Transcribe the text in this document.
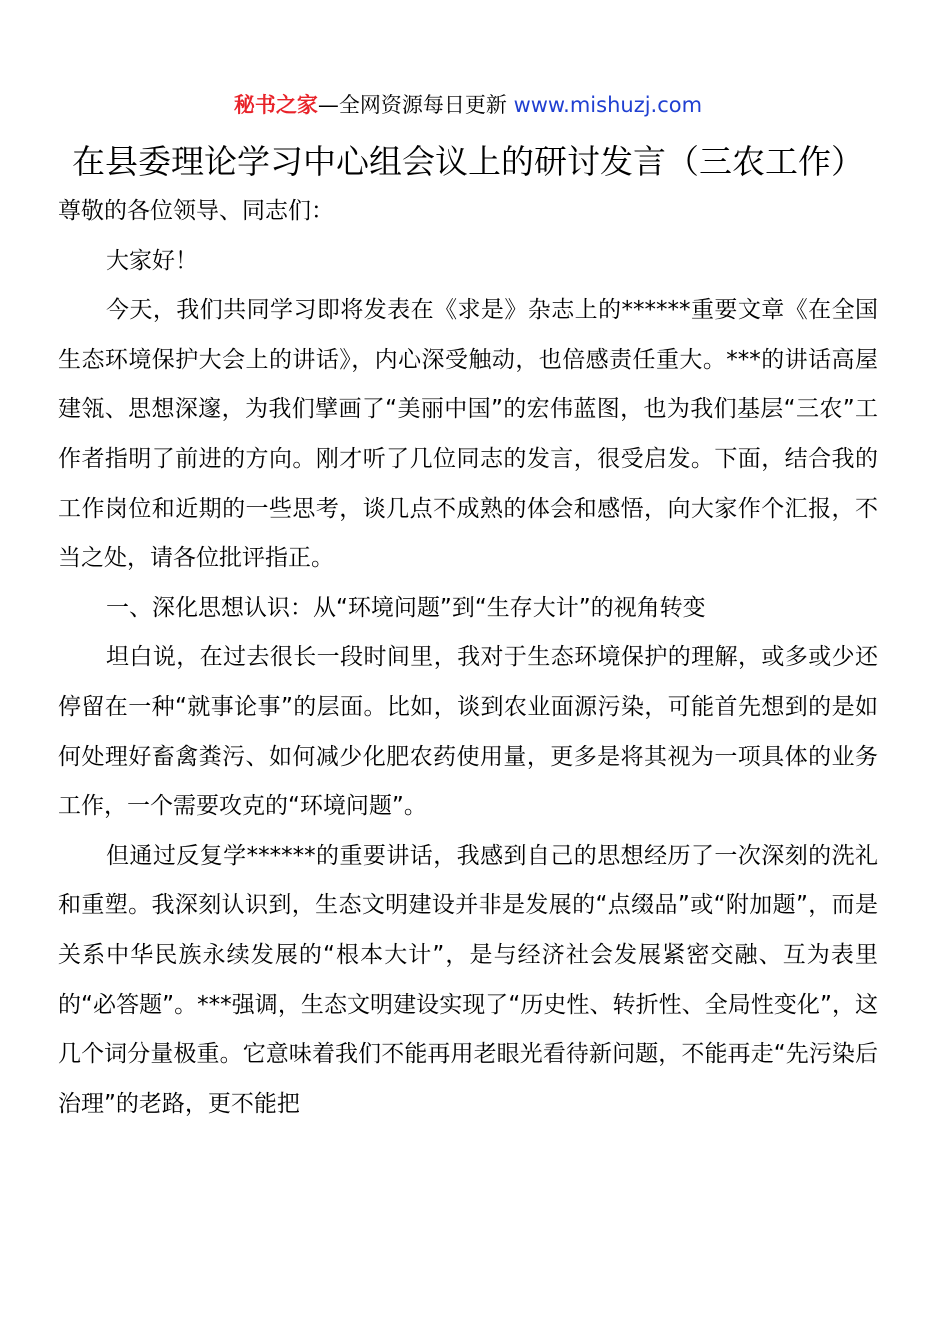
秘书之家—全网资源每日更新 www.mishuzj.com
在县委理论学习中心组会议上的研讨发言（三农工作）

尊敬的各位领导、同志们：

大家好！

今天，我们共同学习即将发表在《求是》杂志上的******重要文章《在全国生态环境保护大会上的讲话》，内心深受触动，也倍感责任重大。***的讲话高屋建瓴、思想深邃，为我们擘画了“美丽中国”的宏伟蓝图，也为我们基层“三农”工作者指明了前进的方向。刚才听了几位同志的发言，很受启发。下面，结合我的工作岗位和近期的一些思考，谈几点不成熟的体会和感悟，向大家作个汇报，不当之处，请各位批评指正。

一、深化思想认识：从“环境问题”到“生存大计”的视角转变

坦白说，在过去很长一段时间里，我对于生态环境保护的理解，或多或少还停留在一种“就事论事”的层面。比如，谈到农业面源污染，可能首先想到的是如何处理好畜禽粪污、如何减少化肥农药使用量，更多是将其视为一项具体的业务工作，一个需要攻克的“环境问题”。

但通过反复学******的重要讲话，我感到自己的思想经历了一次深刻的洗礼和重塑。我深刻认识到，生态文明建设并非是发展的“点缀品”或“附加题”，而是关系中华民族永续发展的“根本大计”，是与经济社会发展紧密交融、互为表里的“必答题”。***强调，生态文明建设实现了“历史性、转折性、全局性变化”，这几个词分量极重。它意味着我们不能再用老眼光看待新问题，不能再走“先污染后治理”的老路，更不能把
